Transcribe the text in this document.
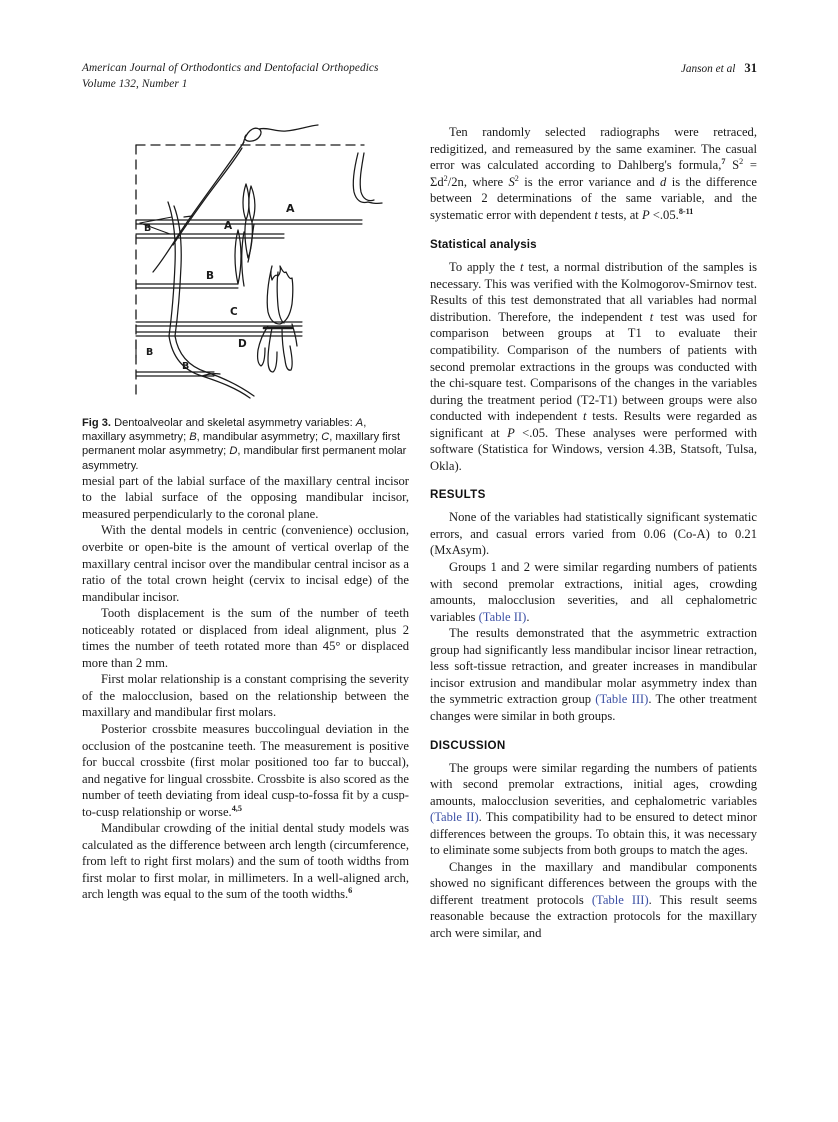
American Journal of Orthodontics and Dentofacial Orthopedics
Volume 132, Number 1
Janson et al 31
A
A
B
B
C
D
B
B
Fig 3. Dentoalveolar and skeletal asymmetry variables: A, maxillary asymmetry; B, mandibular asymmetry; C, maxillary first permanent molar asymmetry; D, mandibular first permanent molar asymmetry.

mesial part of the labial surface of the maxillary central incisor to the labial surface of the opposing mandibular incisor, measured perpendicularly to the coronal plane.

With the dental models in centric (convenience) occlusion, overbite or open-bite is the amount of vertical overlap of the maxillary central incisor over the mandibular central incisor as a ratio of the total crown height (cervix to incisal edge) of the mandibular incisor.

Tooth displacement is the sum of the number of teeth noticeably rotated or displaced from ideal alignment, plus 2 times the number of teeth rotated more than 45° or displaced more than 2 mm.

First molar relationship is a constant comprising the severity of the malocclusion, based on the relationship between the maxillary and mandibular first molars.

Posterior crossbite measures buccolingual deviation in the occlusion of the postcanine teeth. The measurement is positive for buccal crossbite (first molar positioned too far to buccal), and negative for lingual crossbite. Crossbite is also scored as the number of teeth deviating from ideal cusp-to-fossa fit by a cusp-to-cusp relationship or worse.$^{4,5}$

Mandibular crowding of the initial dental study models was calculated as the difference between arch length (circumference, from left to right first molars) and the sum of tooth widths from first molar to first molar, in millimeters. In a well-aligned arch, arch length was equal to the sum of the tooth widths.$^6$

Ten randomly selected radiographs were retraced, redigitized, and remeasured by the same examiner. The casual error was calculated according to Dahlberg's formula,$^7$ $S^2 = \Sigma d^2/2n$, where $S^2$ is the error variance and d is the difference between 2 determinations of the same variable, and the systematic error with dependent t tests, at P <.05.$^{8-11}$

Statistical analysis

To apply the t test, a normal distribution of the samples is necessary. This was verified with the Kolmogorov-Smirnov test. Results of this test demonstrated that all variables had normal distribution. Therefore, the independent t test was used for comparison between groups at T1 to evaluate their compatibility. Comparison of the numbers of patients with second premolar extractions in the groups was conducted with the chi-square test. Comparisons of the changes in the variables during the treatment period (T2-T1) between groups were also conducted with independent t tests. Results were regarded as significant at P <.05. These analyses were performed with software (Statistica for Windows, version 4.3B, Statsoft, Tulsa, Okla).

RESULTS

None of the variables had statistically significant systematic errors, and casual errors varied from 0.06 (Co-A) to 0.21 (MxAsym).

Groups 1 and 2 were similar regarding numbers of patients with second premolar extractions, initial ages, crowding amounts, malocclusion severities, and all cephalometric variables (Table II).

The results demonstrated that the asymmetric extraction group had significantly less mandibular incisor linear retraction, less soft-tissue retraction, and greater increases in mandibular incisor extrusion and mandibular molar asymmetry index than the symmetric extraction group (Table III). The other treatment changes were similar in both groups.

DISCUSSION

The groups were similar regarding the numbers of patients with second premolar extractions, initial ages, crowding amounts, malocclusion severities, and cephalometric variables (Table II). This compatibility had to be ensured to detect minor differences between the groups. To obtain this, it was necessary to eliminate some subjects from both groups to match the ages.

Changes in the maxillary and mandibular components showed no significant differences between the groups with the different treatment protocols (Table III). This result seems reasonable because the extraction protocols for the maxillary arch were similar, and
